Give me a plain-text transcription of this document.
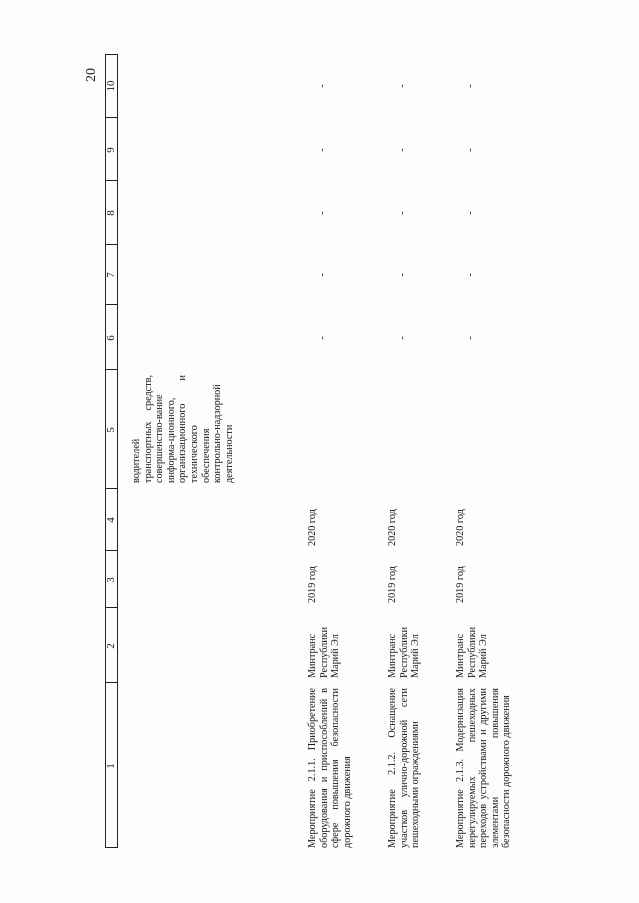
20
1
2
3
4
5
6
7
8
9
10
водителей транспортных средств, совершенство-вание информа-ционного, организационного и технического обеспечения контрольно-надзорной деятельности
Мероприятие 2.1.1. Приобретение оборудования и приспособлений в сфере повышения безопасности дорожного движения
Минтранс Республики Марий Эл
2019 год
2020 год
-
-
-
-
-
Мероприятие 2.1.2. Оснащение участков улично-дорожной сети пешеходными ограждениями
Минтранс Республики Марий Эл
2019 год
2020 год
-
-
-
-
-
Мероприятие 2.1.3. Модернизация нерегулируемых пешеходных переходов устройствами и другими элементами повышения безопасности дорожного движения
Минтранс Республики Марий Эл
2019 год
2020 год
-
-
-
-
-
